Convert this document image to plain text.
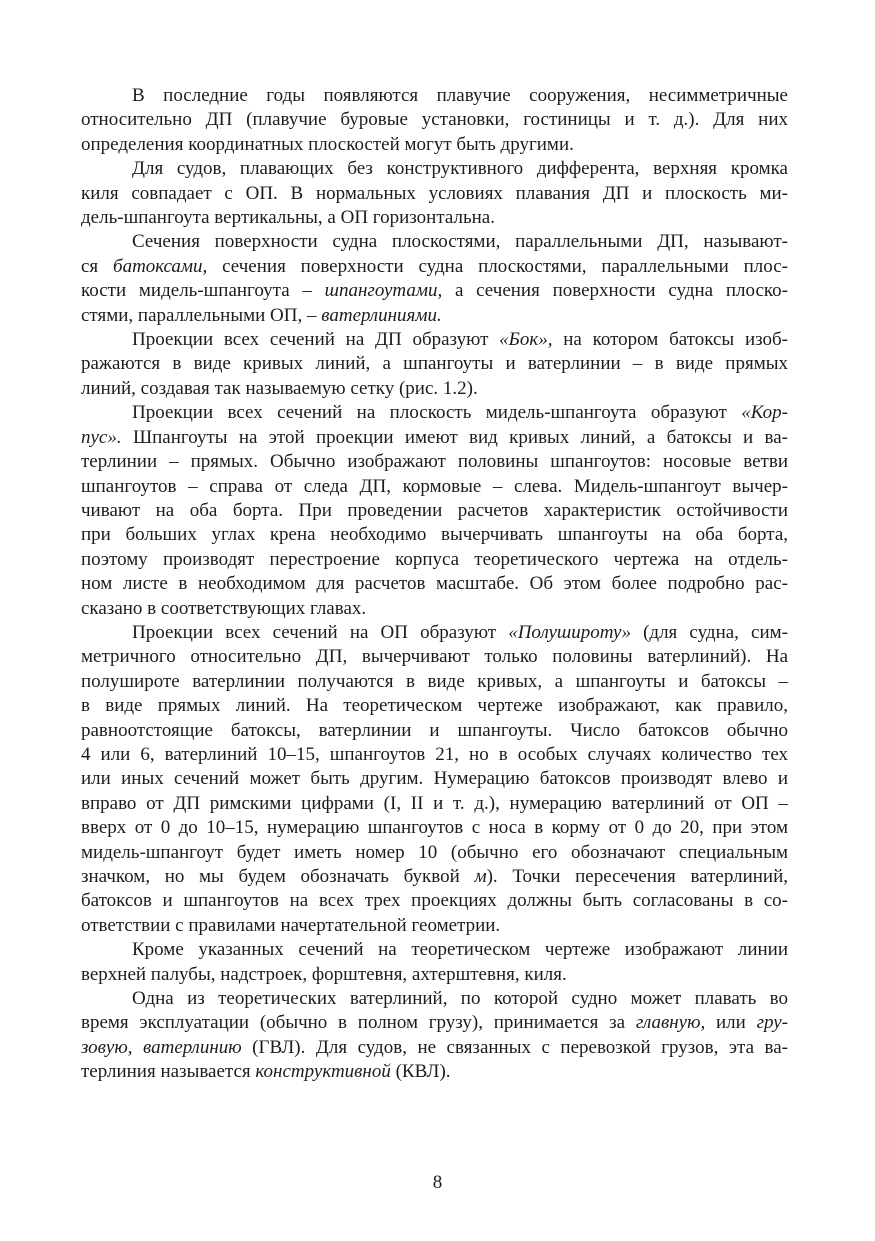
В последние годы появляются плавучие сооружения, несимметричные
относительно ДП (плавучие буровые установки, гостиницы и т. д.). Для них
определения координатных плоскостей могут быть другими.
Для судов, плавающих без конструктивного дифферента, верхняя кромка
киля совпадает с ОП. В нормальных условиях плавания ДП и плоскость ми-
дель-шпангоута вертикальны, а ОП горизонтальна.
Сечения поверхности судна плоскостями, параллельными ДП, называют-
ся батоксами, сечения поверхности судна плоскостями, параллельными плос-
кости мидель-шпангоута – шпангоутами, а сечения поверхности судна плоско-
стями, параллельными ОП, – ватерлиниями.
Проекции всех сечений на ДП образуют «Бок», на котором батоксы изоб-
ражаются в виде кривых линий, а шпангоуты и ватерлинии – в виде прямых
линий, создавая так называемую сетку (рис. 1.2).
Проекции всех сечений на плоскость мидель-шпангоута образуют «Кор-
пус». Шпангоуты на этой проекции имеют вид кривых линий, а батоксы и ва-
терлинии – прямых. Обычно изображают половины шпангоутов: носовые ветви
шпангоутов – справа от следа ДП, кормовые – слева. Мидель-шпангоут вычер-
чивают на оба борта. При проведении расчетов характеристик остойчивости
при больших углах крена необходимо вычерчивать шпангоуты на оба борта,
поэтому производят перестроение корпуса теоретического чертежа на отдель-
ном листе в необходимом для расчетов масштабе. Об этом более подробно рас-
сказано в соответствующих главах.
Проекции всех сечений на ОП образуют «Полушироту» (для судна, сим-
метричного относительно ДП, вычерчивают только половины ватерлиний). На
полушироте ватерлинии получаются в виде кривых, а шпангоуты и батоксы –
в виде прямых линий. На теоретическом чертеже изображают, как правило,
равноотстоящие батоксы, ватерлинии и шпангоуты. Число батоксов обычно
4 или 6, ватерлиний 10–15, шпангоутов 21, но в особых случаях количество тех
или иных сечений может быть другим. Нумерацию батоксов производят влево и
вправо от ДП римскими цифрами (I, II и т. д.), нумерацию ватерлиний от ОП –
вверх от 0 до 10–15, нумерацию шпангоутов с носа в корму от 0 до 20, при этом
мидель-шпангоут будет иметь номер 10 (обычно его обозначают специальным
значком, но мы будем обозначать буквой м). Точки пересечения ватерлиний,
батоксов и шпангоутов на всех трех проекциях должны быть согласованы в со-
ответствии с правилами начертательной геометрии.
Кроме указанных сечений на теоретическом чертеже изображают линии
верхней палубы, надстроек, форштевня, ахтерштевня, киля.
Одна из теоретических ватерлиний, по которой судно может плавать во
время эксплуатации (обычно в полном грузу), принимается за главную, или гру-
зовую, ватерлинию (ГВЛ). Для судов, не связанных с перевозкой грузов, эта ва-
терлиния называется конструктивной (КВЛ).
8
